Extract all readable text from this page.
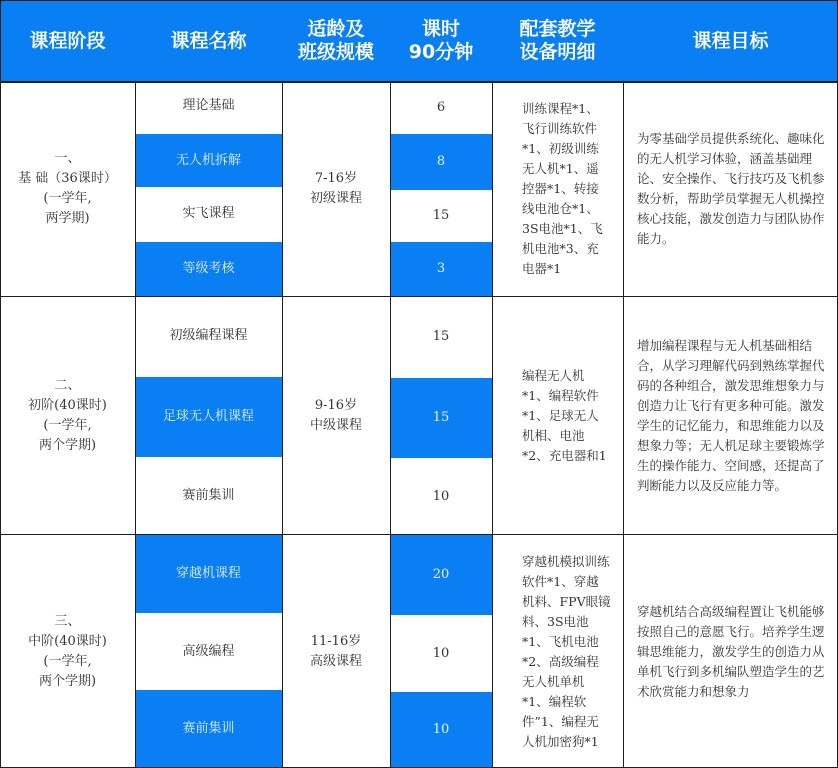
课程阶段	课程名称
适龄及
班级规模
课时
90分钟
配套教学
设备明细
课程目标
一、
基 础（36课时）
(一学年,
两学期)
理论基础
无人机拆解
实飞课程
等级考核
7-16岁
初级课程
6
8
15
3
训练课程*1、飞行训练软件*1、初级训练无人机*1、遥控器*1、转接线电池仓*1、3S电池*1、飞机电池*3、充电器*1
为零基础学员提供系统化、趣味化的无人机学习体验，涵盖基础理论、安全操作、飞行技巧及飞机参数分析，帮助学员掌握无人机操控核心技能，激发创造力与团队协作能力。
二、
初阶(40课时)
(一学年,
两个学期)
初级编程课程
足球无人机课程
赛前集训
9-16岁
中级课程
15
15
10
编程无人机*1、编程软件*1、足球无人机相、电池*2、充电器和1
增加编程课程与无人机基础相结合，从学习理解代码到熟练掌握代码的各种组合，激发思维想象力与创造力让飞行有更多种可能。激发学生的记忆能力，和思维能力以及想象力等；无人机足球主要锻炼学生的操作能力、空间感，还提高了判断能力以及反应能力等。
三、
中阶(40课时)
(一学年,
两个学期)
穿越机课程
高级编程
赛前集训
11-16岁
高级课程
20
10
10
穿越机模拟训练软件*1、穿越机料、FPV眼镜料、3S电池*1、飞机电池*2、高级编程无人机单机*1、编程软件”1、编程无人机加密狗*1
穿越机结合高级编程置让飞机能够按照自己的意愿飞行。培养学生逻辑思维能力，激发学生的创造力从单机飞行到多机编队塑造学生的艺术欣赏能力和想象力
